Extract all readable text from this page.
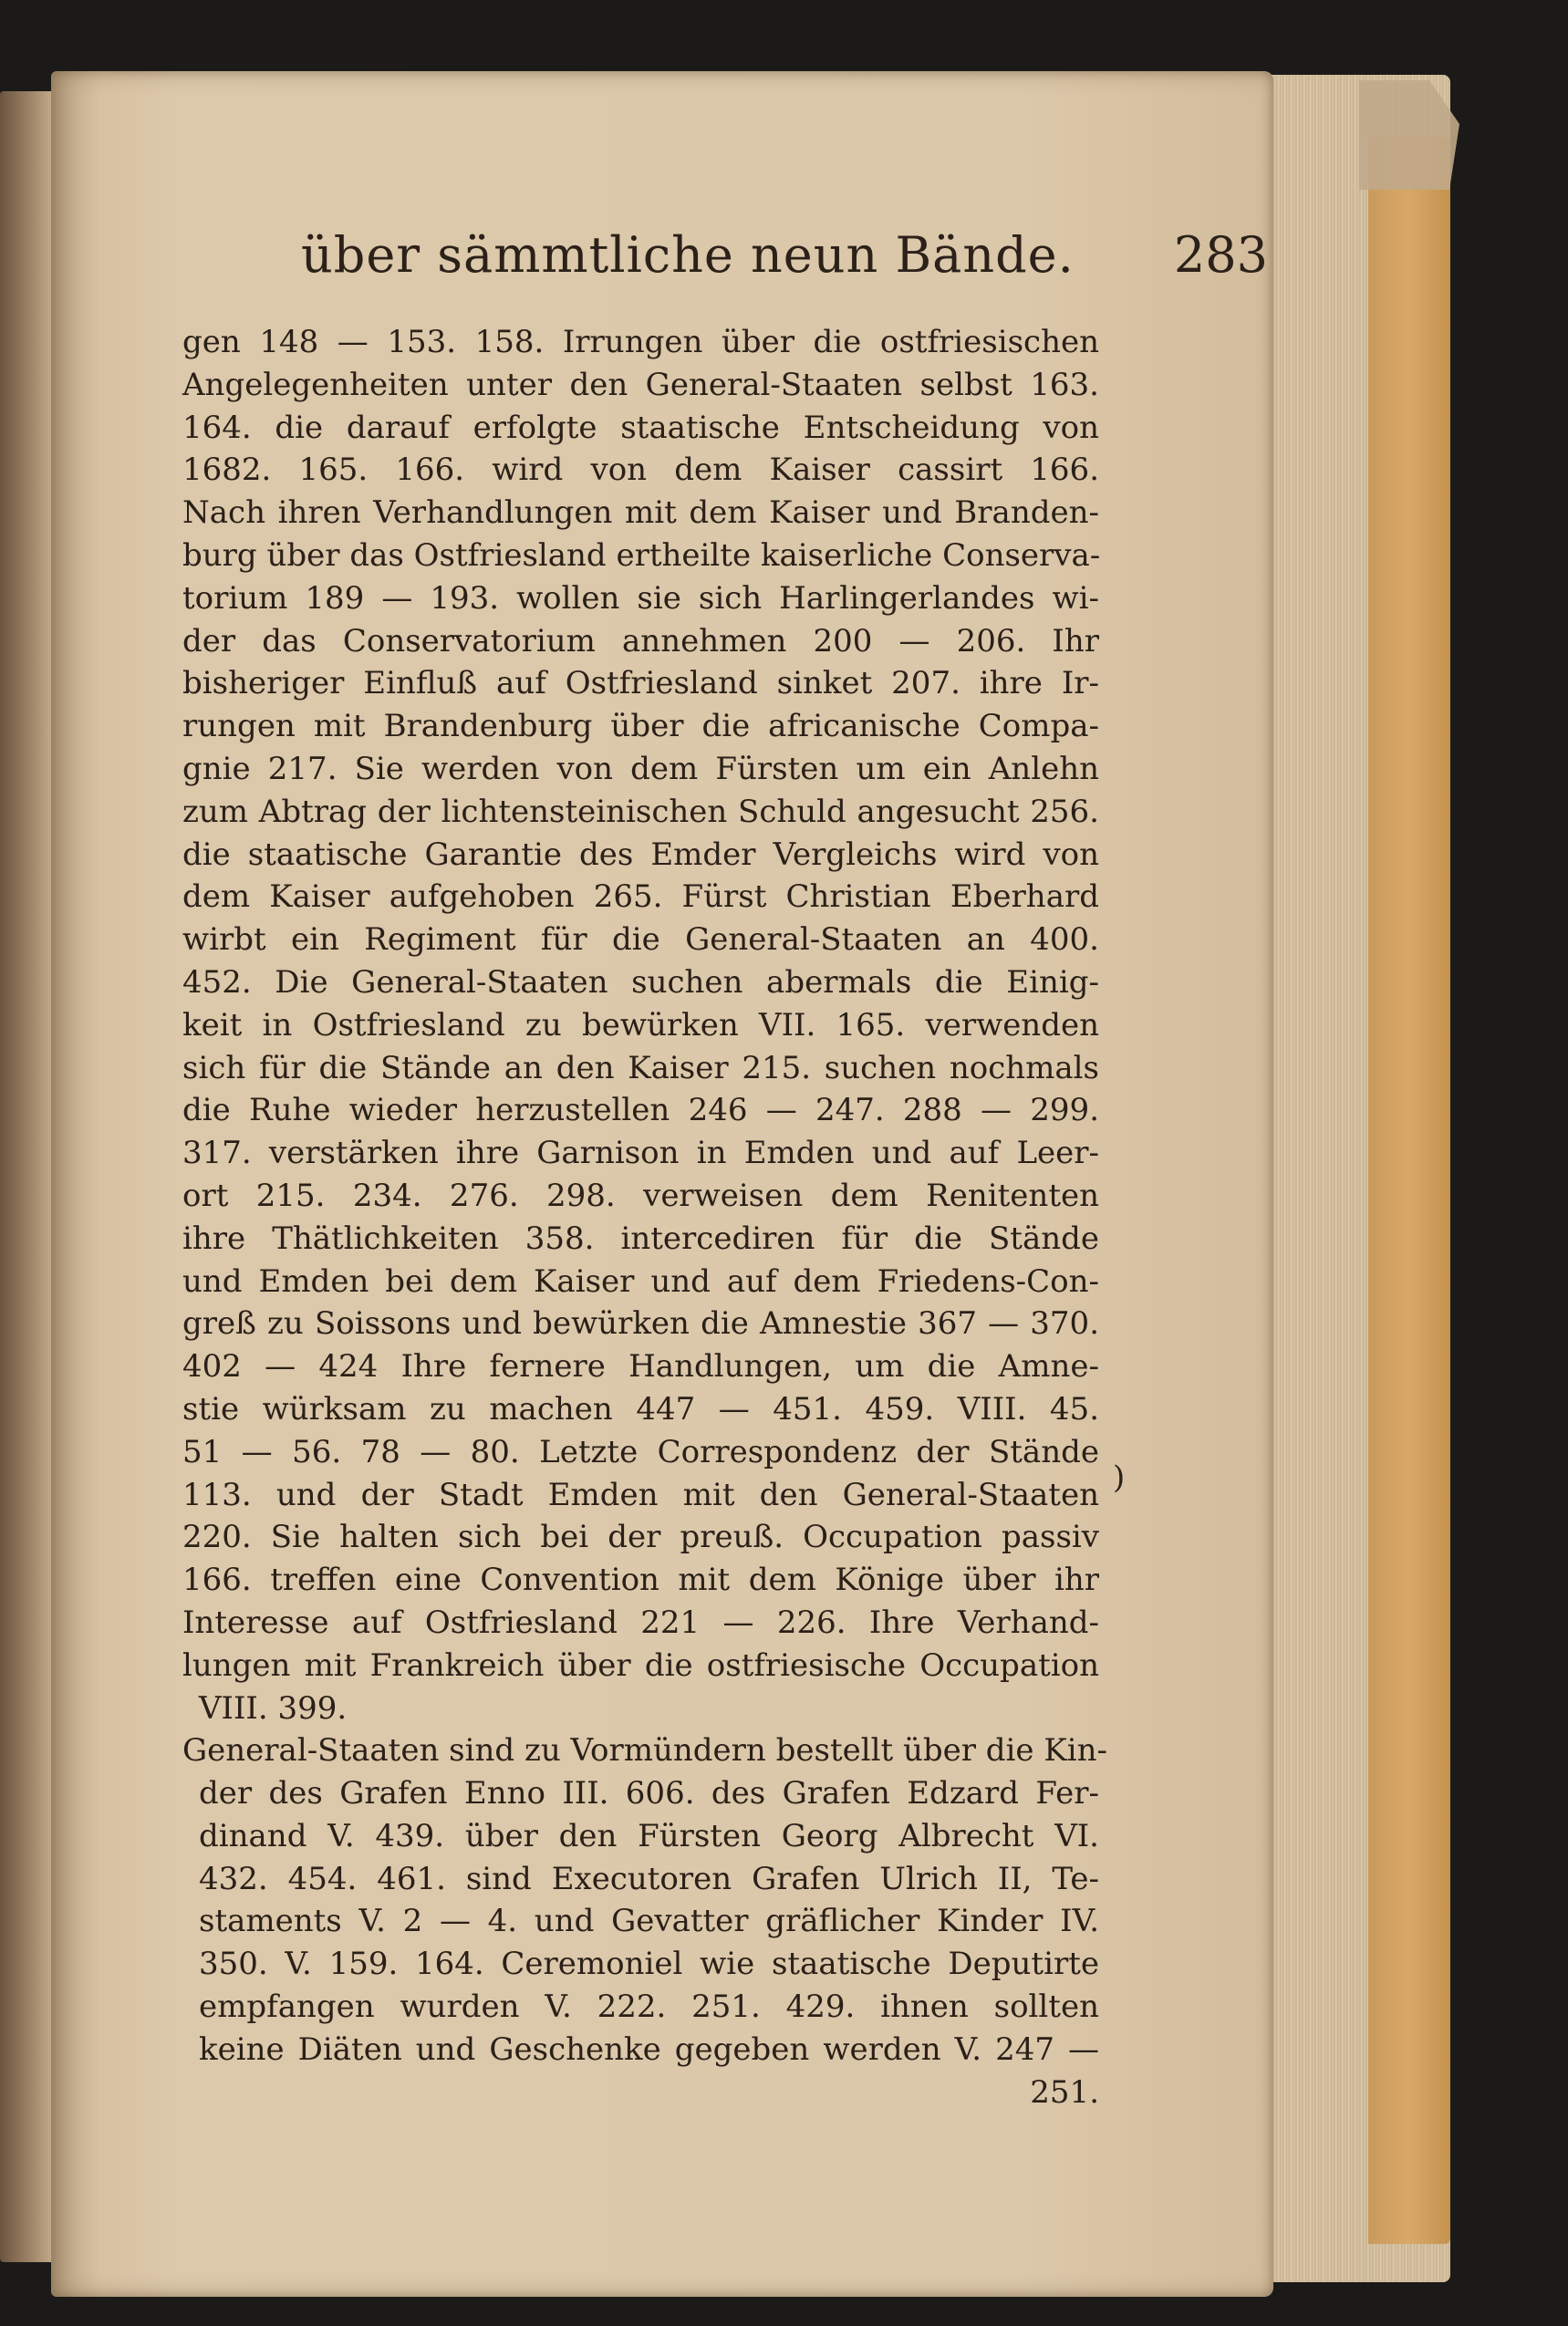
über sämmtliche neun Bände. 283
gen 148 — 153. 158. Irrungen über die ostfriesischen
Angelegenheiten unter den General-Staaten selbst 163.
164. die darauf erfolgte staatische Entscheidung von
1682. 165. 166. wird von dem Kaiser cassirt 166.
Nach ihren Verhandlungen mit dem Kaiser und Branden-
burg über das Ostfriesland ertheilte kaiserliche Conserva-
torium 189 — 193. wollen sie sich Harlingerlandes wi-
der das Conservatorium annehmen 200 — 206. Ihr
bisheriger Einfluß auf Ostfriesland sinket 207. ihre Ir-
rungen mit Brandenburg über die africanische Compa-
gnie 217. Sie werden von dem Fürsten um ein Anlehn
zum Abtrag der lichtensteinischen Schuld angesucht 256.
die staatische Garantie des Emder Vergleichs wird von
dem Kaiser aufgehoben 265. Fürst Christian Eberhard
wirbt ein Regiment für die General-Staaten an 400.
452. Die General-Staaten suchen abermals die Einig-
keit in Ostfriesland zu bewürken VII. 165. verwenden
sich für die Stände an den Kaiser 215. suchen nochmals
die Ruhe wieder herzustellen 246 — 247. 288 — 299.
317. verstärken ihre Garnison in Emden und auf Leer-
ort 215. 234. 276. 298. verweisen dem Renitenten
ihre Thätlichkeiten 358. intercediren für die Stände
und Emden bei dem Kaiser und auf dem Friedens-Con-
greß zu Soissons und bewürken die Amnestie 367 — 370.
402 — 424 Ihre fernere Handlungen, um die Amne-
stie würksam zu machen 447 — 451. 459. VIII. 45.
51 — 56. 78 — 80. Letzte Correspondenz der Stände
113. und der Stadt Emden mit den General-Staaten
220. Sie halten sich bei der preuß. Occupation passiv
166. treffen eine Convention mit dem Könige über ihr
Interesse auf Ostfriesland 221 — 226. Ihre Verhand-
lungen mit Frankreich über die ostfriesische Occupation
VIII. 399.
General-Staaten sind zu Vormündern bestellt über die Kin-
der des Grafen Enno III. 606. des Grafen Edzard Fer-
dinand V. 439. über den Fürsten Georg Albrecht VI.
432. 454. 461. sind Executoren Grafen Ulrich II, Te-
staments V. 2 — 4. und Gevatter gräflicher Kinder IV.
350. V. 159. 164. Ceremoniel wie staatische Deputirte
empfangen wurden V. 222. 251. 429. ihnen sollten
keine Diäten und Geschenke gegeben werden V. 247 —
251.
)
